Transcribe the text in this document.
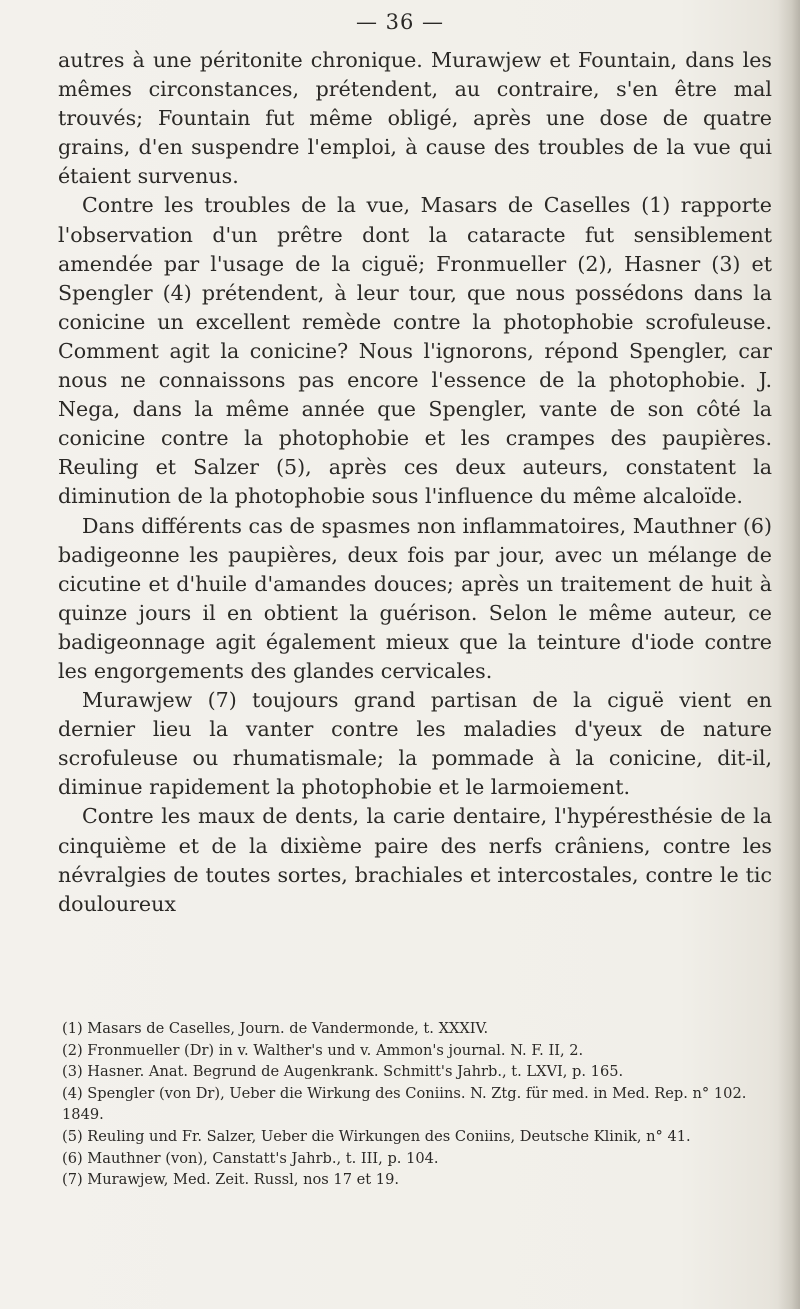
— 36 —

autres à une péritonite chronique. Murawjew et Fountain, dans les mêmes circonstances, prétendent, au contraire, s'en être mal trouvés; Fountain fut même obligé, après une dose de quatre grains, d'en suspendre l'emploi, à cause des troubles de la vue qui étaient survenus.

Contre les troubles de la vue, Masars de Caselles (1) rapporte l'observation d'un prêtre dont la cataracte fut sensiblement amendée par l'usage de la ciguë; Fronmueller (2), Hasner (3) et Spengler (4) prétendent, à leur tour, que nous possédons dans la conicine un excellent remède contre la photophobie scrofuleuse. Comment agit la conicine? Nous l'ignorons, répond Spengler, car nous ne connaissons pas encore l'essence de la photophobie. J. Nega, dans la même année que Spengler, vante de son côté la conicine contre la photophobie et les crampes des paupières. Reuling et Salzer (5), après ces deux auteurs, constatent la diminution de la photophobie sous l'influence du même alcaloïde.

Dans différents cas de spasmes non inflammatoires, Mauthner (6) badigeonne les paupières, deux fois par jour, avec un mélange de cicutine et d'huile d'amandes douces; après un traitement de huit à quinze jours il en obtient la guérison. Selon le même auteur, ce badigeonnage agit également mieux que la teinture d'iode contre les engorgements des glandes cervicales.

Murawjew (7) toujours grand partisan de la ciguë vient en dernier lieu la vanter contre les maladies d'yeux de nature scrofuleuse ou rhumatismale; la pommade à la conicine, dit-il, diminue rapidement la photophobie et le larmoiement.

Contre les maux de dents, la carie dentaire, l'hypéresthésie de la cinquième et de la dixième paire des nerfs crâniens, contre les névralgies de toutes sortes, brachiales et intercostales, contre le tic douloureux

(1) Masars de Caselles, Journ. de Vandermonde, t. XXXIV.

(2) Fronmueller (Dr) in v. Walther's und v. Ammon's journal. N. F. II, 2.

(3) Hasner. Anat. Begrund de Augenkrank. Schmitt's Jahrb., t. LXVI, p. 165.

(4) Spengler (von Dr), Ueber die Wirkung des Coniins. N. Ztg. für med. in Med. Rep. n° 102. 1849.

(5) Reuling und Fr. Salzer, Ueber die Wirkungen des Coniins, Deutsche Klinik, n° 41.

(6) Mauthner (von), Canstatt's Jahrb., t. III, p. 104.

(7) Murawjew, Med. Zeit. Russl, nos 17 et 19.
